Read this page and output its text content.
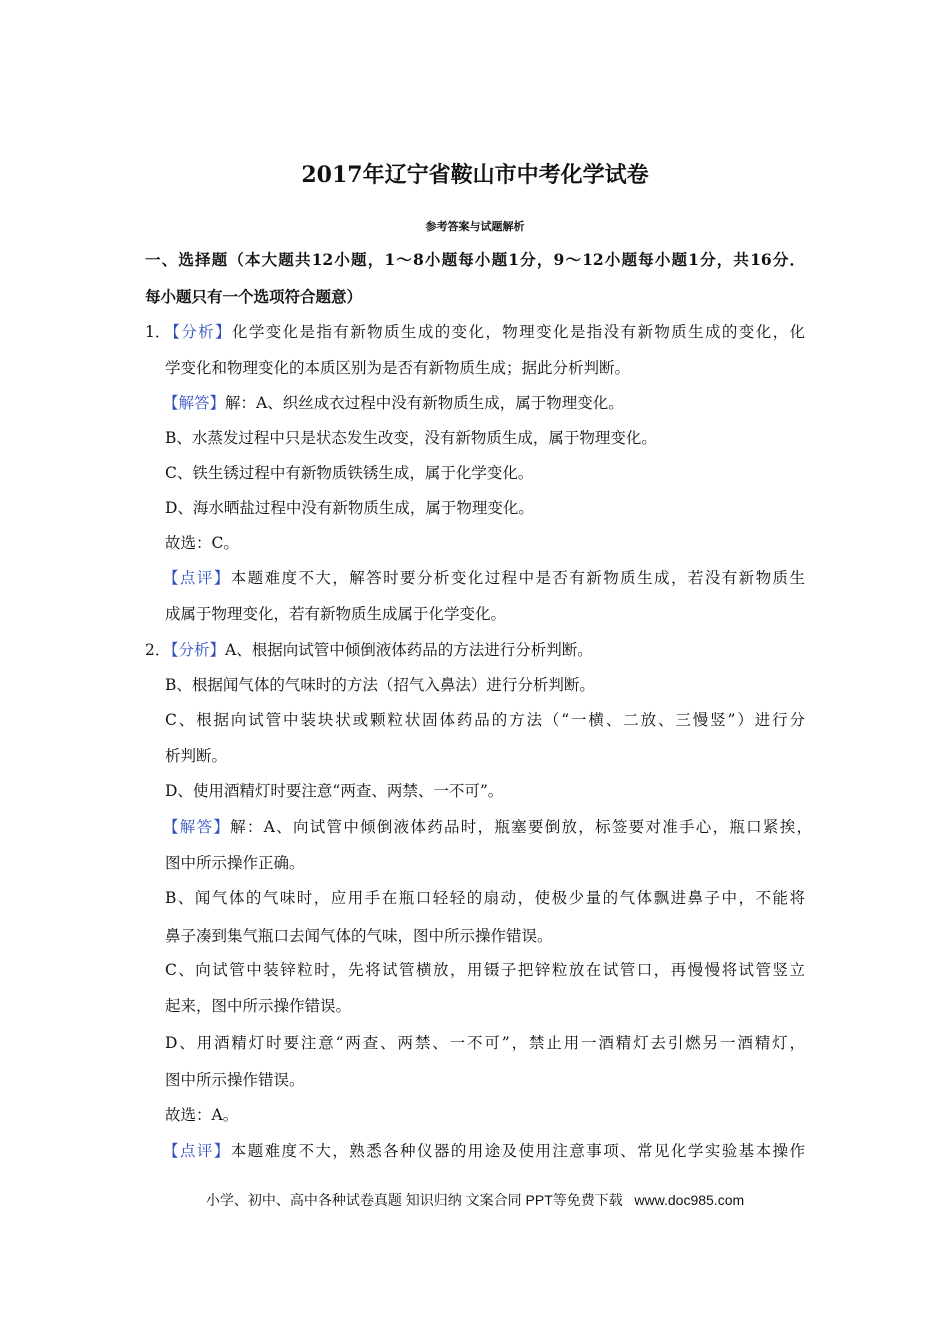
2017年辽宁省鞍山市中考化学试卷
参考答案与试题解析
一、选择题（本大题共12小题，1～8小题每小题1分，9～12小题每小题1分，共16分．
每小题只有一个选项符合题意）
1．【分析】化学变化是指有新物质生成的变化，物理变化是指没有新物质生成的变化，化
学变化和物理变化的本质区别为是否有新物质生成；据此分析判断。
【解答】解：A、织丝成衣过程中没有新物质生成，属于物理变化。
B、水蒸发过程中只是状态发生改变，没有新物质生成，属于物理变化。
C、铁生锈过程中有新物质铁锈生成，属于化学变化。
D、海水晒盐过程中没有新物质生成，属于物理变化。
故选：C。
【点评】本题难度不大，解答时要分析变化过程中是否有新物质生成，若没有新物质生
成属于物理变化，若有新物质生成属于化学变化。
2．【分析】A、根据向试管中倾倒液体药品的方法进行分析判断。
B、根据闻气体的气味时的方法（招气入鼻法）进行分析判断。
C、根据向试管中装块状或颗粒状固体药品的方法（“一横、二放、三慢竖”）进行分
析判断。
D、使用酒精灯时要注意“两查、两禁、一不可”。
【解答】解：A、向试管中倾倒液体药品时，瓶塞要倒放，标签要对准手心，瓶口紧挨，
图中所示操作正确。
B、闻气体的气味时，应用手在瓶口轻轻的扇动，使极少量的气体飘进鼻子中，不能将
鼻子凑到集气瓶口去闻气体的气味，图中所示操作错误。
C、向试管中装锌粒时，先将试管横放，用镊子把锌粒放在试管口，再慢慢将试管竖立
起来，图中所示操作错误。
D、用酒精灯时要注意“两查、两禁、一不可”，禁止用一酒精灯去引燃另一酒精灯，
图中所示操作错误。
故选：A。
【点评】本题难度不大，熟悉各种仪器的用途及使用注意事项、常见化学实验基本操作
小学、初中、高中各种试卷真题 知识归纳 文案合同 PPT等免费下载   www.doc985.com
